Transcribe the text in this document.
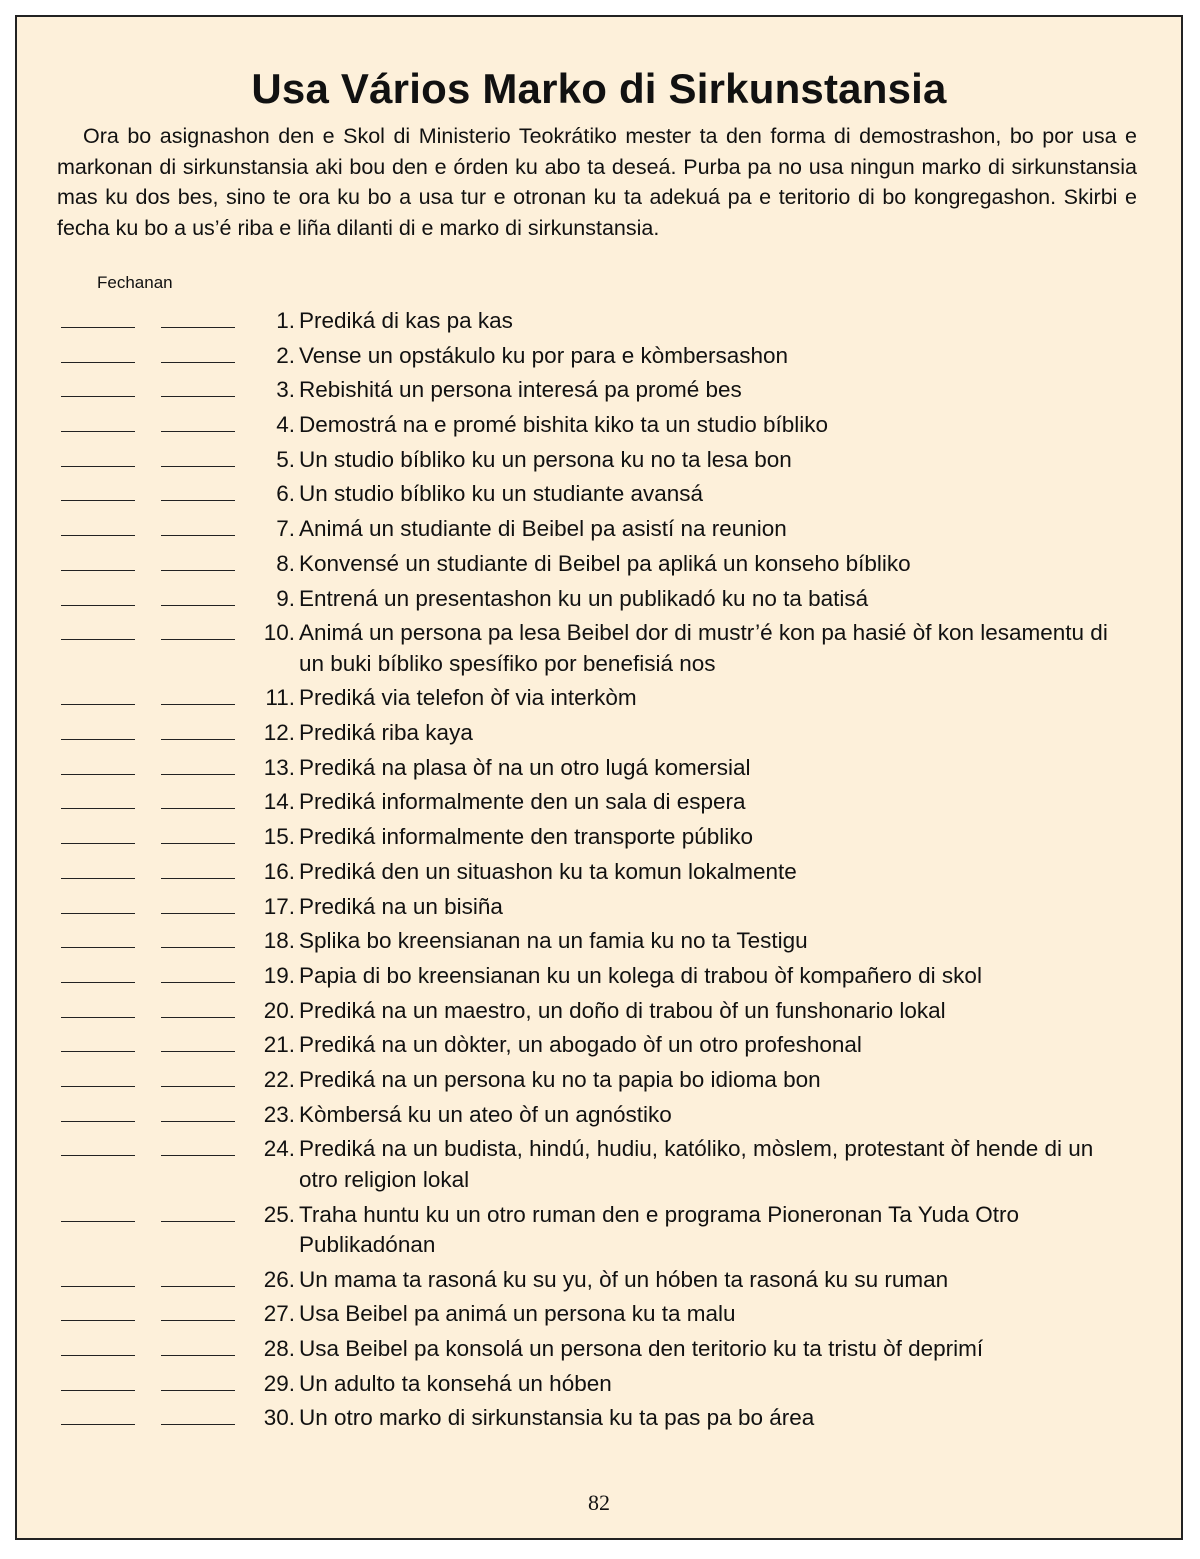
Usa Vários Marko di Sirkunstansia

Ora bo asignashon den e Skol di Ministerio Teokrátiko mester ta den forma di demostrashon, bo por usa e markonan di sirkunstansia aki bou den e órden ku abo ta deseá. Purba pa no usa ningun marko di sirkunstansia mas ku dos bes, sino te ora ku bo a usa tur e otronan ku ta adekuá pa e teritorio di bo kongregashon. Skirbi e fecha ku bo a us’é riba e liña dilanti di e marko di sirkunstansia.

Fechanan
1. Prediká di kas pa kas
2. Vense un opstákulo ku por para e kòmbersashon
3. Rebishitá un persona interesá pa promé bes
4. Demostrá na e promé bishita kiko ta un studio bíbliko
5. Un studio bíbliko ku un persona ku no ta lesa bon
6. Un studio bíbliko ku un studiante avansá
7. Animá un studiante di Beibel pa asistí na reunion
8. Konvensé un studiante di Beibel pa apliká un konseho bíbliko
9. Entrená un presentashon ku un publikadó ku no ta batisá
10. Animá un persona pa lesa Beibel dor di mustr’é kon pa hasié òf kon lesamentu di un buki bíbliko spesífiko por benefisiá nos
11. Prediká via telefon òf via interkòm
12. Prediká riba kaya
13. Prediká na plasa òf na un otro lugá komersial
14. Prediká informalmente den un sala di espera
15. Prediká informalmente den transporte públiko
16. Prediká den un situashon ku ta komun lokalmente
17. Prediká na un bisiña
18. Splika bo kreensianan na un famia ku no ta Testigu
19. Papia di bo kreensianan ku un kolega di trabou òf kompañero di skol
20. Prediká na un maestro, un doño di trabou òf un funshonario lokal
21. Prediká na un dòkter, un abogado òf un otro profeshonal
22. Prediká na un persona ku no ta papia bo idioma bon
23. Kòmbersá ku un ateo òf un agnóstiko
24. Prediká na un budista, hindú, hudiu, katóliko, mòslem, protestant òf hende di un otro religion lokal
25. Traha huntu ku un otro ruman den e programa Pioneronan Ta Yuda Otro Publikadónan
26. Un mama ta rasoná ku su yu, òf un hóben ta rasoná ku su ruman
27. Usa Beibel pa animá un persona ku ta malu
28. Usa Beibel pa konsolá un persona den teritorio ku ta tristu òf deprimí
29. Un adulto ta konsehá un hóben
30. Un otro marko di sirkunstansia ku ta pas pa bo área
82
